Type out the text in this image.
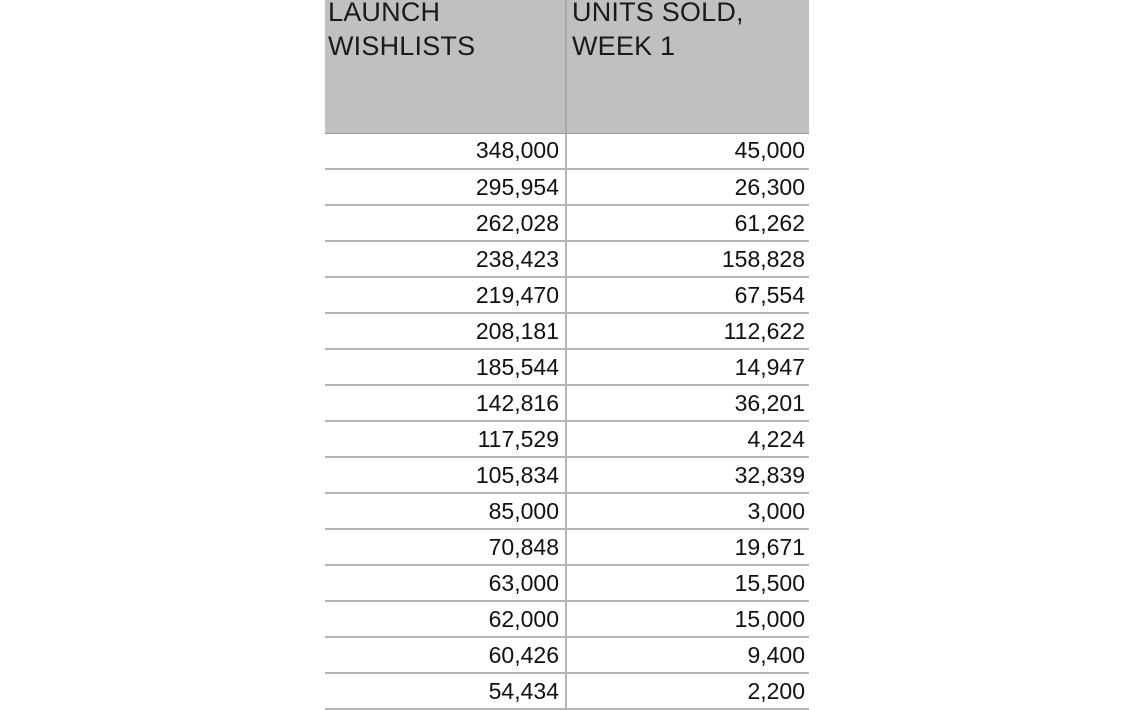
LAUNCH
WISHLISTS	UNITS SOLD,
WEEK 1

348,000	45,000
295,954	26,300
262,028	61,262
238,423	158,828
219,470	67,554
208,181	112,622
185,544	14,947
142,816	36,201
117,529	4,224
105,834	32,839
85,000	3,000
70,848	19,671
63,000	15,500
62,000	15,000
60,426	9,400
54,434	2,200
